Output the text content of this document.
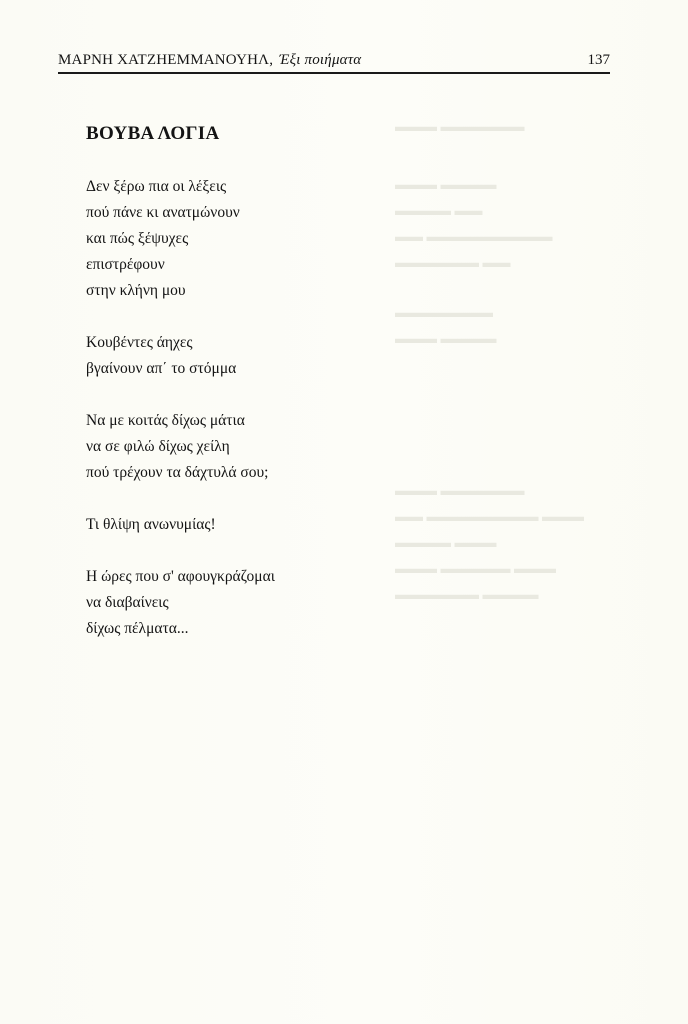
▬▬▬ ▬▬▬▬▬▬
▬▬▬ ▬▬▬▬
▬▬▬▬ ▬▬
▬▬ ▬▬▬▬▬▬▬▬▬
▬▬▬▬▬▬ ▬▬
▬▬▬▬▬▬▬
▬▬▬ ▬▬▬▬
▬▬▬ ▬▬▬▬▬▬
▬▬ ▬▬▬▬▬▬▬▬ ▬▬▬
▬▬▬▬ ▬▬▬
▬▬▬ ▬▬▬▬▬ ▬▬▬
▬▬▬▬▬▬ ▬▬▬▬
ΜΑΡΝΗ ΧΑΤΖΗΕΜΜΑΝΟΥΗΛ, Έξι ποιήματα	137
ΒΟΥΒΑ ΛΟΓΙΑ
Δεν ξέρω πια οι λέξεις
πού πάνε κι ανατμώνουν
και πώς ξέψυχες
επιστρέφουν
στην κλήνη μου
Κουβέντες άηχες
βγαίνουν απ΄ το στόμμα
Να με κοιτάς δίχως μάτια
να σε φιλώ δίχως χείλη
πού τρέχουν τα δάχτυλά σου;
Τι θλίψη ανωνυμίας!
Η ώρες που σ' αφουγκράζομαι
να διαβαίνεις
δίχως πέλματα...
